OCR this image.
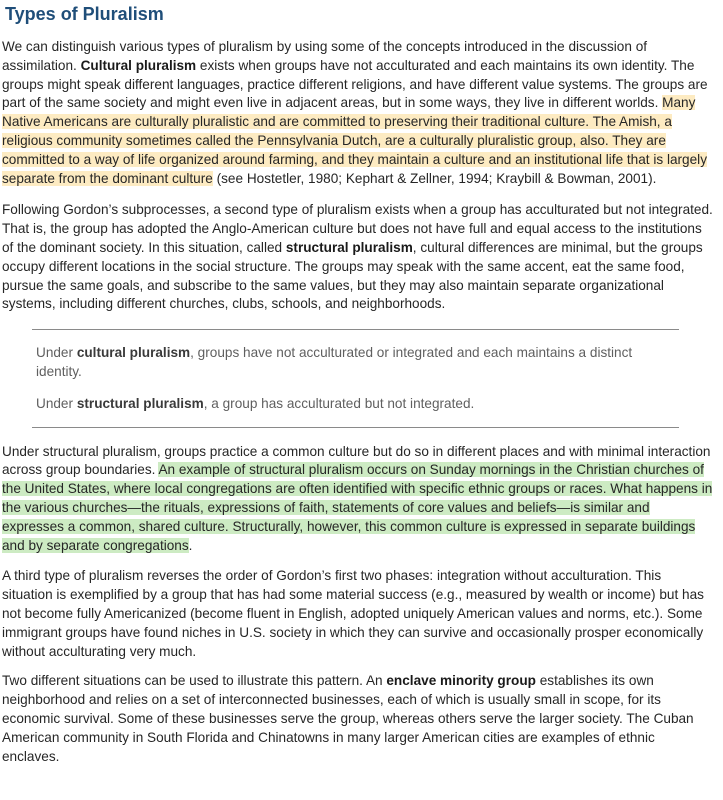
Types of Pluralism

We can distinguish various types of pluralism by using some of the concepts introduced in the discussion of assimilation. Cultural pluralism exists when groups have not acculturated and each maintains its own identity. The groups might speak different languages, practice different religions, and have different value systems. The groups are part of the same society and might even live in adjacent areas, but in some ways, they live in different worlds. Many Native Americans are culturally pluralistic and are committed to preserving their traditional culture. The Amish, a religious community sometimes called the Pennsylvania Dutch, are a culturally pluralistic group, also. They are committed to a way of life organized around farming, and they maintain a culture and an institutional life that is largely separate from the dominant culture (see Hostetler, 1980; Kephart & Zellner, 1994; Kraybill & Bowman, 2001).

Following Gordon’s subprocesses, a second type of pluralism exists when a group has acculturated but not integrated. That is, the group has adopted the Anglo-American culture but does not have full and equal access to the institutions of the dominant society. In this situation, called structural pluralism, cultural differences are minimal, but the groups occupy different locations in the social structure. The groups may speak with the same accent, eat the same food, pursue the same goals, and subscribe to the same values, but they may also maintain separate organizational systems, including different churches, clubs, schools, and neighborhoods.

Under cultural pluralism, groups have not acculturated or integrated and each maintains a distinct identity.

Under structural pluralism, a group has acculturated but not integrated.

Under structural pluralism, groups practice a common culture but do so in different places and with minimal interaction across group boundaries. An example of structural pluralism occurs on Sunday mornings in the Christian churches of the United States, where local congregations are often identified with specific ethnic groups or races. What happens in the various churches—the rituals, expressions of faith, statements of core values and beliefs—is similar and expresses a common, shared culture. Structurally, however, this common culture is expressed in separate buildings and by separate congregations.

A third type of pluralism reverses the order of Gordon’s first two phases: integration without acculturation. This situation is exemplified by a group that has had some material success (e.g., measured by wealth or income) but has not become fully Americanized (become fluent in English, adopted uniquely American values and norms, etc.). Some immigrant groups have found niches in U.S. society in which they can survive and occasionally prosper economically without acculturating very much.

Two different situations can be used to illustrate this pattern. An enclave minority group establishes its own neighborhood and relies on a set of interconnected businesses, each of which is usually small in scope, for its economic survival. Some of these businesses serve the group, whereas others serve the larger society. The Cuban American community in South Florida and Chinatowns in many larger American cities are examples of ethnic enclaves.
